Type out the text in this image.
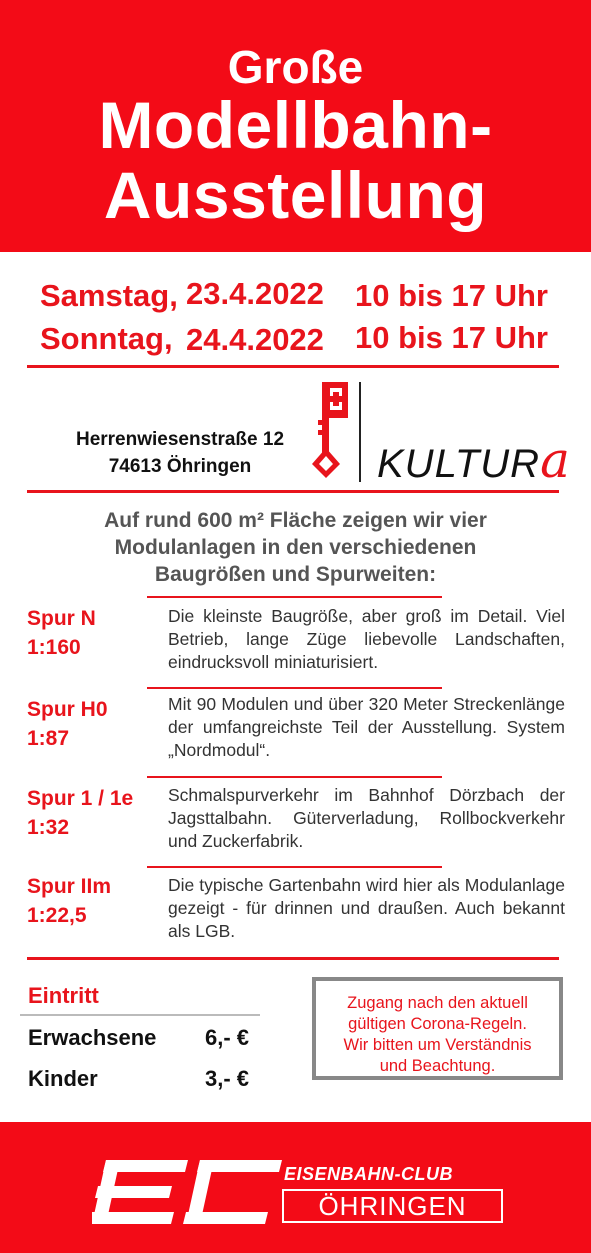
Große
Modellbahn-
Ausstellung
Samstag, 23.4.2022 10 bis 17 Uhr
Sonntag, 24.4.2022 10 bis 17 Uhr
Herrenwiesenstraße 12
74613 Öhringen	KULTURa
Auf rund 600 m² Fläche zeigen wir vier
Modulanlagen in den verschiedenen
Baugrößen und Spurweiten:
Spur N
1:160
Die kleinste Baugröße, aber groß im Detail. Viel Betrieb, lange Züge liebevolle Landschaften, eindrucksvoll miniaturisiert.
Spur H0
1:87
Mit 90 Modulen und über 320 Meter Streckenlänge der umfangreichste Teil der Ausstellung. System „Nordmodul“.
Spur 1 / 1e
1:32
Schmalspurverkehr im Bahnhof Dörzbach der Jagsttalbahn. Güterverladung, Rollbockverkehr und Zuckerfabrik.
Spur IIm
1:22,5
Die typische Gartenbahn wird hier als Modulanlage gezeigt - für drinnen und draußen. Auch bekannt als LGB.
Eintritt
Erwachsene 6,- €
Kinder	3,- €
Zugang nach den aktuell
gültigen Corona-Regeln.
Wir bitten um Verständnis
und Beachtung.
EISENBAHN-CLUB
ÖHRINGEN
